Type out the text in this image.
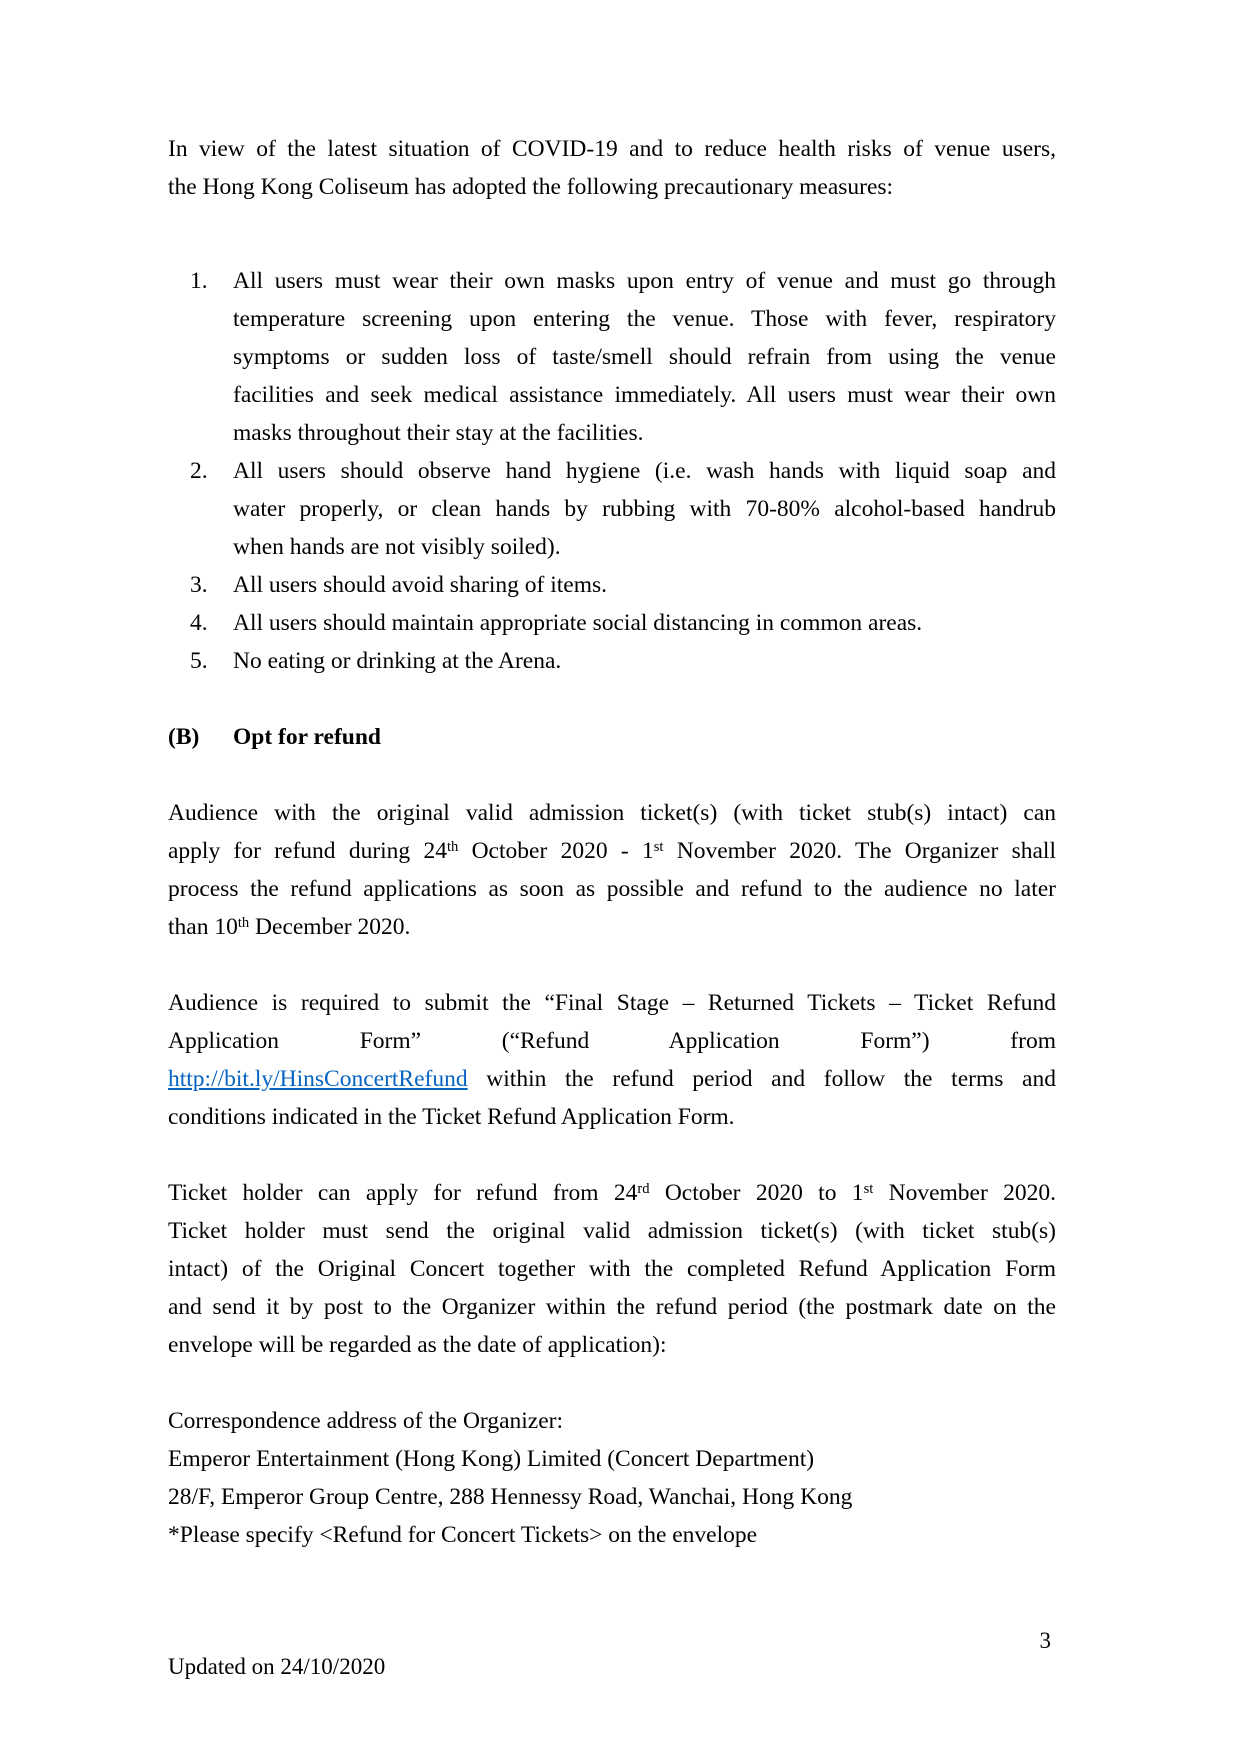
In view of the latest situation of COVID-19 and to reduce health risks of venue users,
the Hong Kong Coliseum has adopted the following precautionary measures:
1. All users must wear their own masks upon entry of venue and must go through
temperature screening upon entering the venue. Those with fever, respiratory
symptoms or sudden loss of taste/smell should refrain from using the venue
facilities and seek medical assistance immediately. All users must wear their own
masks throughout their stay at the facilities.
2. All users should observe hand hygiene (i.e. wash hands with liquid soap and
water properly, or clean hands by rubbing with 70-80% alcohol-based handrub
when hands are not visibly soiled).
3. All users should avoid sharing of items.
4. All users should maintain appropriate social distancing in common areas.
5. No eating or drinking at the Arena.
(B) Opt for refund
Audience with the original valid admission ticket(s) (with ticket stub(s) intact) can
apply for refund during 24th October 2020 - 1st November 2020. The Organizer shall
process the refund applications as soon as possible and refund to the audience no later
than 10th December 2020.
Audience is required to submit the “Final Stage – Returned Tickets – Ticket Refund
Application Form” (“Refund Application Form”) from
http://bit.ly/HinsConcertRefund within the refund period and follow the terms and
conditions indicated in the Ticket Refund Application Form.
Ticket holder can apply for refund from 24rd October 2020 to 1st November 2020.
Ticket holder must send the original valid admission ticket(s) (with ticket stub(s)
intact) of the Original Concert together with the completed Refund Application Form
and send it by post to the Organizer within the refund period (the postmark date on the
envelope will be regarded as the date of application):
Correspondence address of the Organizer:
Emperor Entertainment (Hong Kong) Limited (Concert Department)
28/F, Emperor Group Centre, 288 Hennessy Road, Wanchai, Hong Kong
*Please specify <Refund for Concert Tickets> on the envelope
3
Updated on 24/10/2020
